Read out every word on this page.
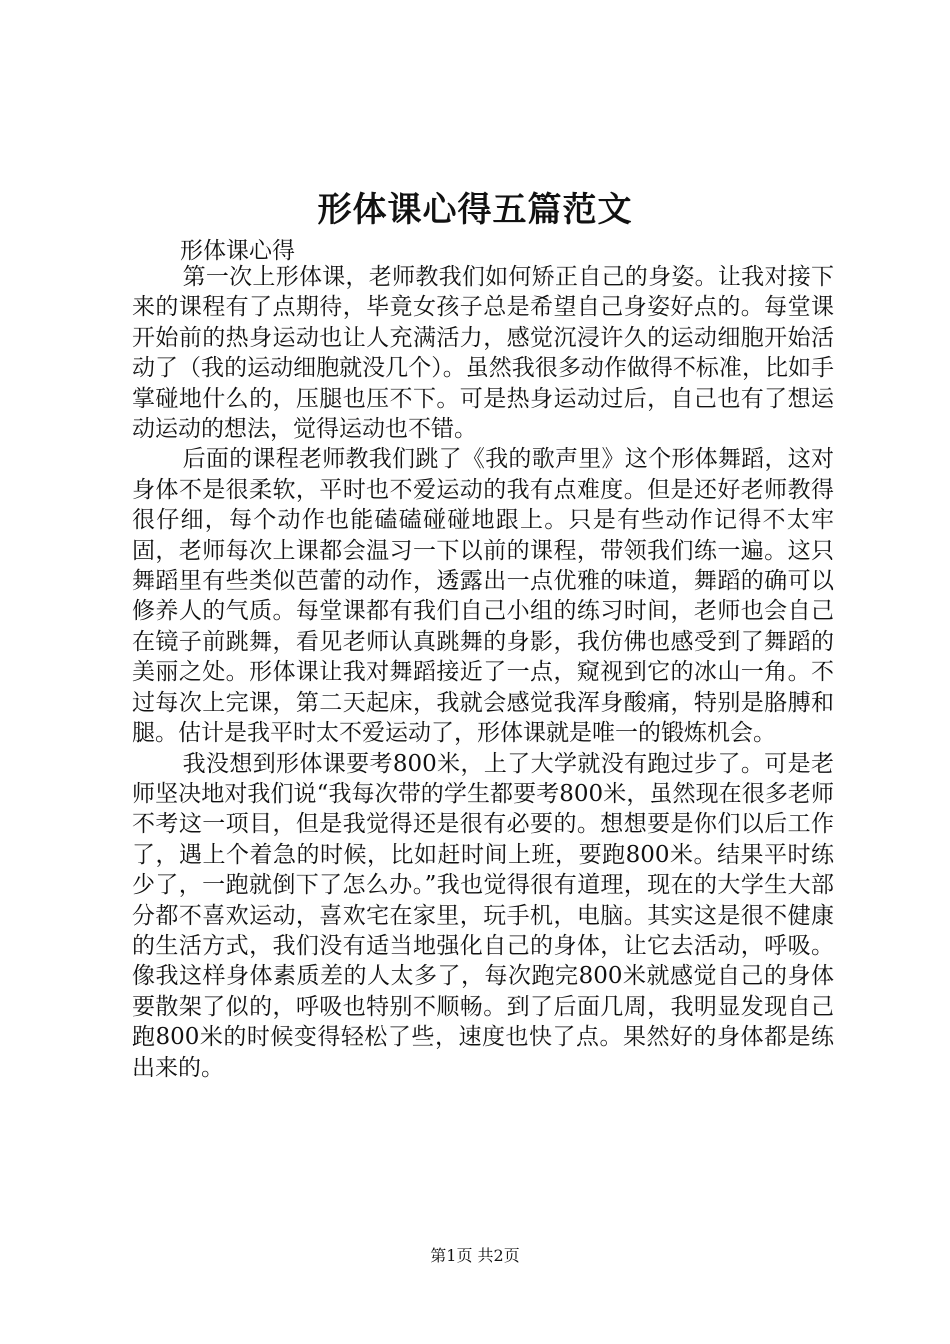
形体课心得五篇范文
形体课心得

第一次上形体课，老师教我们如何矫正自己的身姿。让我对接下来的课程有了点期待，毕竟女孩子总是希望自己身姿好点的。每堂课开始前的热身运动也让人充满活力，感觉沉浸许久的运动细胞开始活动了（我的运动细胞就没几个）。虽然我很多动作做得不标准，比如手掌碰地什么的，压腿也压不下。可是热身运动过后，自己也有了想运动运动的想法，觉得运动也不错。

后面的课程老师教我们跳了《我的歌声里》这个形体舞蹈，这对身体不是很柔软，平时也不爱运动的我有点难度。但是还好老师教得很仔细，每个动作也能磕磕碰碰地跟上。只是有些动作记得不太牢固，老师每次上课都会温习一下以前的课程，带领我们练一遍。这只舞蹈里有些类似芭蕾的动作，透露出一点优雅的味道，舞蹈的确可以修养人的气质。每堂课都有我们自己小组的练习时间，老师也会自己在镜子前跳舞，看见老师认真跳舞的身影，我仿佛也感受到了舞蹈的美丽之处。形体课让我对舞蹈接近了一点，窥视到它的冰山一角。不过每次上完课，第二天起床，我就会感觉我浑身酸痛，特别是胳膊和腿。估计是我平时太不爱运动了，形体课就是唯一的锻炼机会。

我没想到形体课要考800米，上了大学就没有跑过步了。可是老师坚决地对我们说“我每次带的学生都要考800米，虽然现在很多老师不考这一项目，但是我觉得还是很有必要的。想想要是你们以后工作了，遇上个着急的时候，比如赶时间上班，要跑800米。结果平时练少了，一跑就倒下了怎么办。”我也觉得很有道理，现在的大学生大部分都不喜欢运动，喜欢宅在家里，玩手机，电脑。其实这是很不健康的生活方式，我们没有适当地强化自己的身体，让它去活动，呼吸。像我这样身体素质差的人太多了，每次跑完800米就感觉自己的身体要散架了似的，呼吸也特别不顺畅。到了后面几周，我明显发现自己跑800米的时候变得轻松了些，速度也快了点。果然好的身体都是练出来的。

第1页 共2页
